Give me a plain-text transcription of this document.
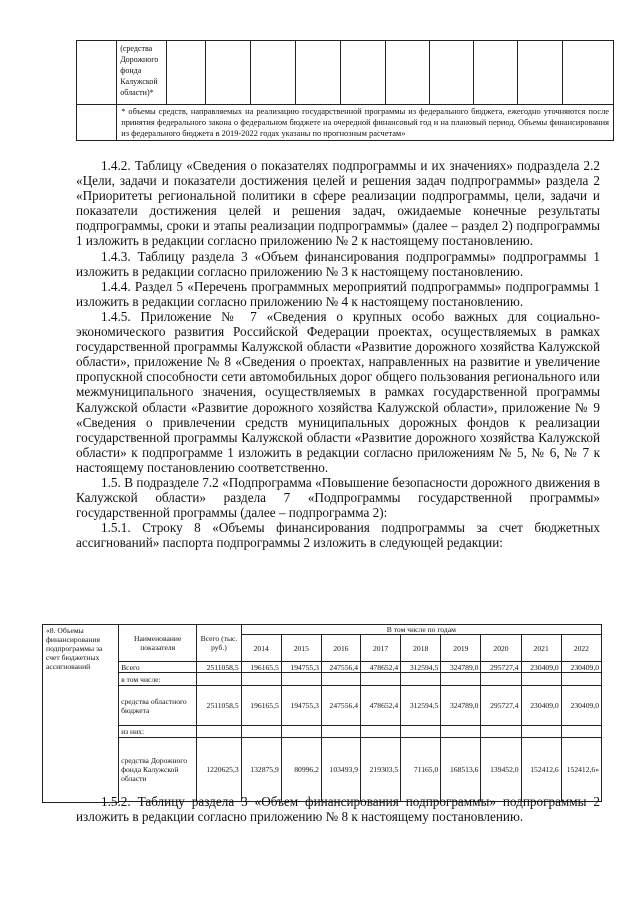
	(средства Дорожного фонда Калужской области)*										
	* объемы средств, направляемых на реализацию государственной программы из федерального бюджета, ежегодно уточняются после принятия федерального закона о федеральном бюджете на очередной финансовый год и на плановый период. Объемы финансирования из федерального бюджета в 2019-2022 годах указаны по прогнозным расчетам»										

1.4.2. Таблицу «Сведения о показателях подпрограммы и их значениях» подраздела 2.2 «Цели, задачи и показатели достижения целей и решения задач подпрограммы» раздела 2 «Приоритеты региональной политики в сфере реализации подпрограммы, цели, задачи и показатели достижения целей и решения задач, ожидаемые конечные результаты подпрограммы, сроки и этапы реализации подпрограммы» (далее – раздел 2) подпрограммы 1 изложить в редакции согласно приложению № 2 к настоящему постановлению.

1.4.3. Таблицу раздела 3 «Объем финансирования подпрограммы» подпрограммы 1 изложить в редакции согласно приложению № 3 к настоящему постановлению.

1.4.4. Раздел 5 «Перечень программных мероприятий подпрограммы» подпрограммы 1 изложить в редакции согласно приложению № 4 к настоящему постановлению.

1.4.5. Приложение № 7 «Сведения о крупных особо важных для социально-экономического развития Российской Федерации проектах, осуществляемых в рамках государственной программы Калужской области «Развитие дорожного хозяйства Калужской области», приложение № 8 «Сведения о проектах, направленных на развитие и увеличение пропускной способности сети автомобильных дорог общего пользования регионального или межмуниципального значения, осуществляемых в рамках государственной программы Калужской области «Развитие дорожного хозяйства Калужской области», приложение № 9 «Сведения о привлечении средств муниципальных дорожных фондов к реализации государственной программы Калужской области «Развитие дорожного хозяйства Калужской области» к подпрограмме 1 изложить в редакции согласно приложениям № 5, № 6, № 7 к настоящему постановлению соответственно.

1.5. В подразделе 7.2 «Подпрограмма «Повышение безопасности дорожного движения в Калужской области» раздела 7 «Подпрограммы государственной программы» государственной программы (далее – подпрограмма 2):

1.5.1. Строку 8 «Объемы финансирования подпрограммы за счет бюджетных ассигнований» паспорта подпрограммы 2 изложить в следующей редакции:

«8. Объемы финансирования подпрограммы за счет бюджетных ассигнований	Наименование показателя	Всего (тыс. руб.)	В том числе по годам								
			2014	2015	2016	2017	2018	2019	2020	2021	2022
	Всего	2511058,5	196165,5	194755,3	247556,4	478652,4	312594,5	324789,0	295727,4	230409,0	230409,0
	в том числе:										
	средства областного бюджета	2511058,5	196165,5	194755,3	247556,4	478652,4	312594,5	324789,0	295727,4	230409,0	230409,0
	из них:										
	средства Дорожного фонда Калужской области	1220625,3	132875,9	80996,2	103493,9	219303,5	71165,0	168513,6	139452,0	152412,6	152412,6»

1.5.2. Таблицу раздела 3 «Объем финансирования подпрограммы» подпрограммы 2 изложить в редакции согласно приложению № 8 к настоящему постановлению.
